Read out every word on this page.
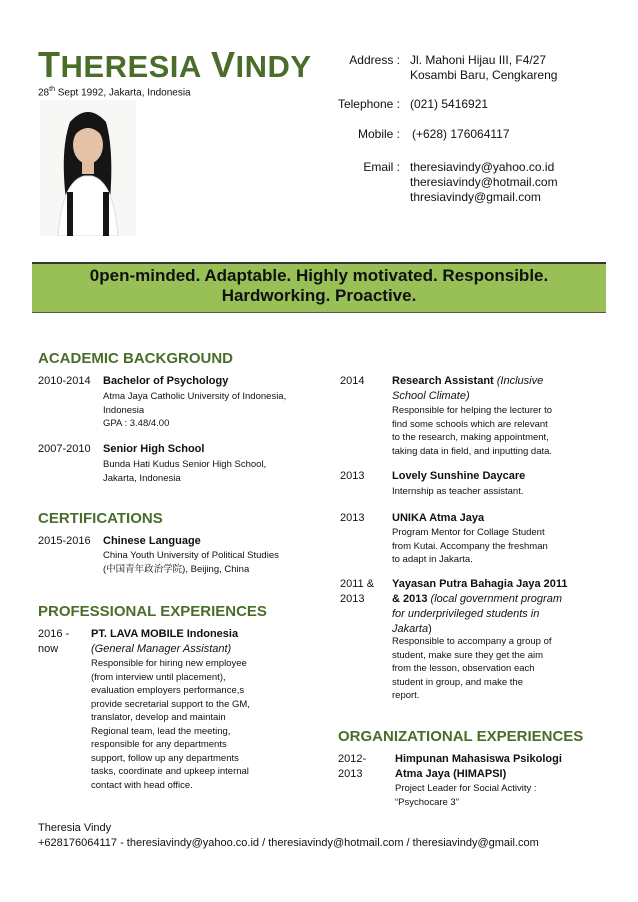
THERESIA VINDY
28th Sept 1992, Jakarta, Indonesia
Address : Jl. Mahoni Hijau III, F4/27
Kosambi Baru, Cengkareng
Telephone : (021) 5416921
Mobile : (+628) 176064117
Email : theresiavindy@yahoo.co.id
theresiavindy@hotmail.com
thresiavindy@gmail.com
0pen-minded. Adaptable. Highly motivated. Responsible.
Hardworking. Proactive.
ACADEMIC BACKGROUND
2010-2014 Bachelor of Psychology
Atma Jaya Catholic University of Indonesia,
Indonesia
GPA : 3.48/4.00
2007-2010 Senior High School
Bunda Hati Kudus Senior High School,
Jakarta, Indonesia
CERTIFICATIONS
2015-2016 Chinese Language
China Youth University of Political Studies
(中国青年政治学院), Beijing, China
PROFESSIONAL EXPERIENCES
2016 -
now
PT. LAVA MOBILE Indonesia
(General Manager Assistant)
Responsible for hiring new employee
(from interview until placement),
evaluation employers performance,s
provide secretarial support to the GM,
translator, develop and maintain
Regional team, lead the meeting,
responsible for any departments
support, follow up any departments
tasks, coordinate and upkeep internal
contact with head office.
2014	Research Assistant (Inclusive
School Climate)
Responsible for helping the lecturer to
find some schools which are relevant
to the research, making appointment,
taking data in field, and inputting data.
2013	Lovely Sunshine Daycare
Internship as teacher assistant.
2013	UNIKA Atma Jaya
Program Mentor for Collage Student
from Kutai. Accompany the freshman
to adapt in Jakarta.
2011 &
2013
Yayasan Putra Bahagia Jaya 2011
& 2013 (local government program
for underprivileged students in
Jakarta)
Responsible to accompany a group of
student, make sure they get the aim
from the lesson, observation each
student in group, and make the
report.
ORGANIZATIONAL EXPERIENCES
2012-
2013
Himpunan Mahasiswa Psikologi
Atma Jaya (HIMAPSI)
Project Leader for Social Activity :
“Psychocare 3”
Theresia Vindy
+628176064117 - theresiavindy@yahoo.co.id / theresiavindy@hotmail.com / theresiavindy@gmail.com
